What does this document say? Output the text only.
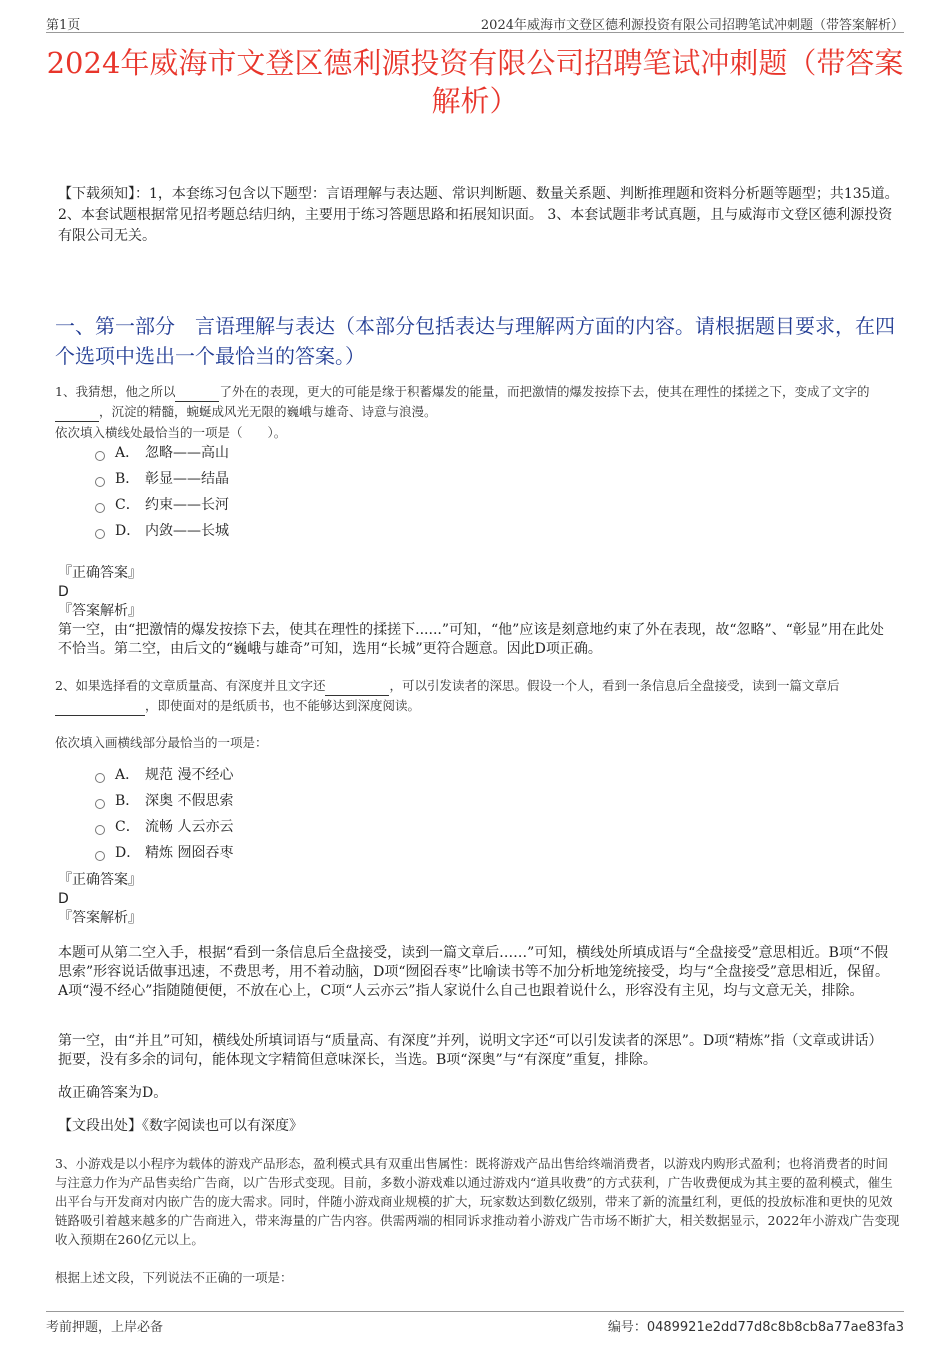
第1页	2024年威海市文登区德利源投资有限公司招聘笔试冲刺题（带答案解析）
2024年威海市文登区德利源投资有限公司招聘笔试冲刺题（带答案解析）
【下载须知】：1，本套练习包含以下题型：言语理解与表达题、常识判断题、数量关系题、判断推理题和资料分析题等题型；共135道。 2、本套试题根据常见招考题总结归纳，主要用于练习答题思路和拓展知识面。 3、本套试题非考试真题，且与威海市文登区德利源投资有限公司无关。
一、第一部分　言语理解与表达（本部分包括表达与理解两方面的内容。请根据题目要求，在四个选项中选出一个最恰当的答案。）
1、我猜想，他之所以	了外在的表现，更大的可能是缘于积蓄爆发的能量，而把激情的爆发按捺下去，使其在理性的揉搓之下，变成了文字的 ，沉淀的精髓，蜿蜒成风光无限的巍峨与雄奇、诗意与浪漫。
依次填入横线处最恰当的一项是（　　）。
A． 忽略——高山
B． 彰显——结晶
C． 约束——长河
D． 内敛——长城
『正确答案』
D
『答案解析』
第一空，由“把激情的爆发按捺下去，使其在理性的揉搓下......”可知，“他”应该是刻意地约束了外在表现，故“忽略”、“彰显”用在此处不恰当。第二空，由后文的“巍峨与雄奇”可知，选用“长城”更符合题意。因此D项正确。
2、如果选择看的文章质量高、有深度并且文字还	，可以引发读者的深思。假设一个人，看到一条信息后全盘接受，读到一篇文章后 ，即使面对的是纸质书，也不能够达到深度阅读。
依次填入画横线部分最恰当的一项是：
A． 规范 漫不经心
B． 深奥 不假思索
C． 流畅 人云亦云
D． 精炼 囫囵吞枣
『正确答案』
D
『答案解析』
本题可从第二空入手，根据“看到一条信息后全盘接受，读到一篇文章后……”可知，横线处所填成语与“全盘接受”意思相近。B项“不假思索”形容说话做事迅速，不费思考，用不着动脑，D项“囫囵吞枣”比喻读书等不加分析地笼统接受，均与“全盘接受”意思相近，保留。A项“漫不经心”指随随便便，不放在心上，C项“人云亦云”指人家说什么自己也跟着说什么，形容没有主见，均与文意无关，排除。
第一空，由“并且”可知，横线处所填词语与“质量高、有深度”并列，说明文字还“可以引发读者的深思”。D项“精炼”指（文章或讲话）扼要，没有多余的词句，能体现文字精简但意味深长，当选。B项“深奥”与“有深度”重复，排除。
故正确答案为D。
【文段出处】《数字阅读也可以有深度》
3、小游戏是以小程序为载体的游戏产品形态，盈利模式具有双重出售属性：既将游戏产品出售给终端消费者，以游戏内购形式盈利；也将消费者的时间与注意力作为产品售卖给广告商，以广告形式变现。目前，多数小游戏难以通过游戏内“道具收费”的方式获利，广告收费便成为其主要的盈利模式，催生出平台与开发商对内嵌广告的庞大需求。同时，伴随小游戏商业规模的扩大，玩家数达到数亿级别，带来了新的流量红利，更低的投放标准和更快的见效链路吸引着越来越多的广告商进入，带来海量的广告内容。供需两端的相同诉求推动着小游戏广告市场不断扩大，相关数据显示，2022年小游戏广告变现收入预期在260亿元以上。
根据上述文段，下列说法不正确的一项是：
考前押题，上岸必备	编号：0489921e2dd77d8c8b8cb8a77ae83fa3
